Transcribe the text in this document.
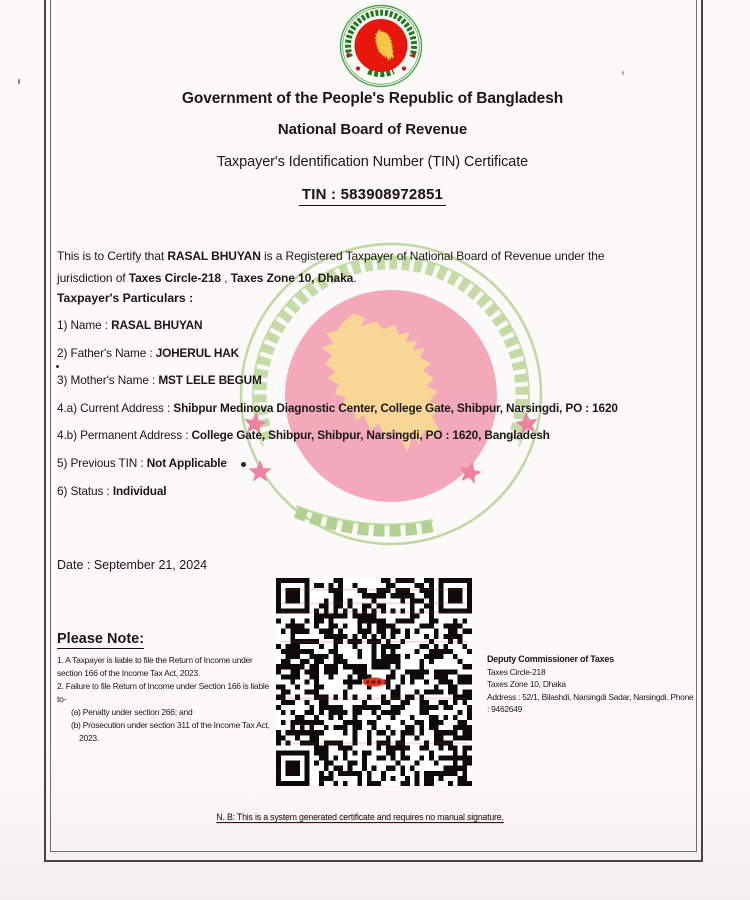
Government of the People's Republic of Bangladesh
National Board of Revenue
Taxpayer's Identification Number (TIN) Certificate
TIN : 583908972851
This is to Certify that RASAL BHUYAN is a Registered Taxpayer of National Board of Revenue under the jurisdiction of Taxes Circle-218 , Taxes Zone 10, Dhaka.
Taxpayer's Particulars :
1) Name : RASAL BHUYAN
2) Father's Name : JOHERUL HAK
3) Mother's Name : MST LELE BEGUM
4.a) Current Address : Shibpur Medinova Diagnostic Center, College Gate, Shibpur, Narsingdi, PO : 1620
4.b) Permanent Address : College Gate, Shibpur, Shibpur, Narsingdi, PO : 1620, Bangladesh
5) Previous TIN : Not Applicable
6) Status : Individual
Date : September 21, 2024
Please Note:
1. A Taxpayer is liable to file the Return of Income under section 166 of the Income Tax Act, 2023.
2. Failure to file Return of Income under Section 166 is liable to-
(a) Penalty under section 266; and
(b) Prosecution under section 311 of the Income Tax Act, 2023.
Deputy Commissioner of Taxes
Taxes Circle-218
Taxes Zone 10, Dhaka
Address : 52/1, Bilashdi, Narsingdi Sadar, Narsingdi. Phone
: 9462649
N. B: This is a system generated certificate and requires no manual signature.
